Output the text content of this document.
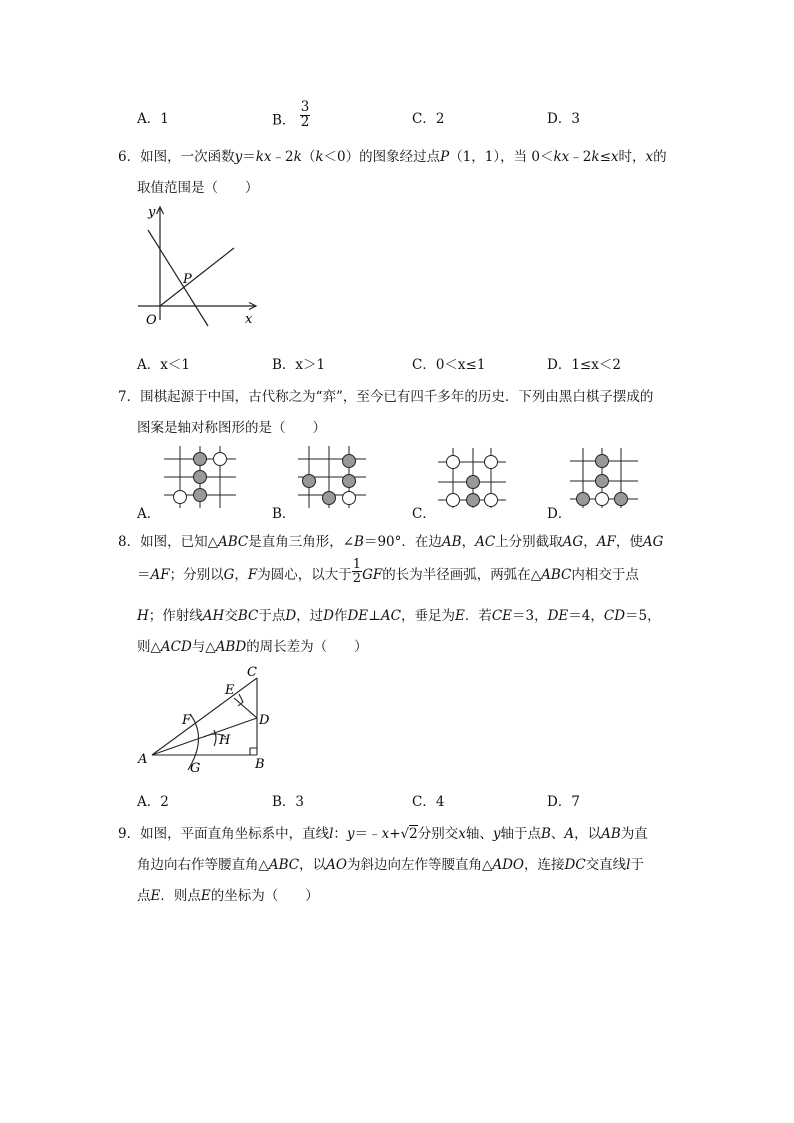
A．1	B． $\frac{3}{2}$	C．2	D．3
6．如图，一次函数y＝kx﹣2k（k＜0）的图象经过点P（1，1），当 0＜kx﹣2k≤x时，x的
取值范围是（　　）
y
x
O
P
A．x＜1	B．x＞1	C．0＜x≤1	D．1≤x＜2
7．围棋起源于中国，古代称之为“弈”，至今已有四千多年的历史．下列由黑白棋子摆成的
图案是轴对称图形的是（　　）
A．	B．	C．	D．
8．如图，已知△ABC是直角三角形，∠B＝90°．在边AB，AC上分别截取AG，AF，使AG
＝AF；分别以G，F为圆心，以大于 $\frac{1}{2}$ GF的长为半径画弧，两弧在△ABC内相交于点
H；作射线AH交BC于点D，过D作DE⊥AC，垂足为E．若CE＝3，DE＝4，CD＝5，
则△ACD与△ABD的周长差为（　　）
A	B
C
D
E
F
G
H
A．2	B．3	C．4	D．7
9．如图，平面直角坐标系中，直线l：y＝﹣x+√2分别交x轴、y轴于点B、A，以AB为直
角边向右作等腰直角△ABC，以AO为斜边向左作等腰直角△ADO，连接DC交直线l于
点E．则点E的坐标为（　　）
